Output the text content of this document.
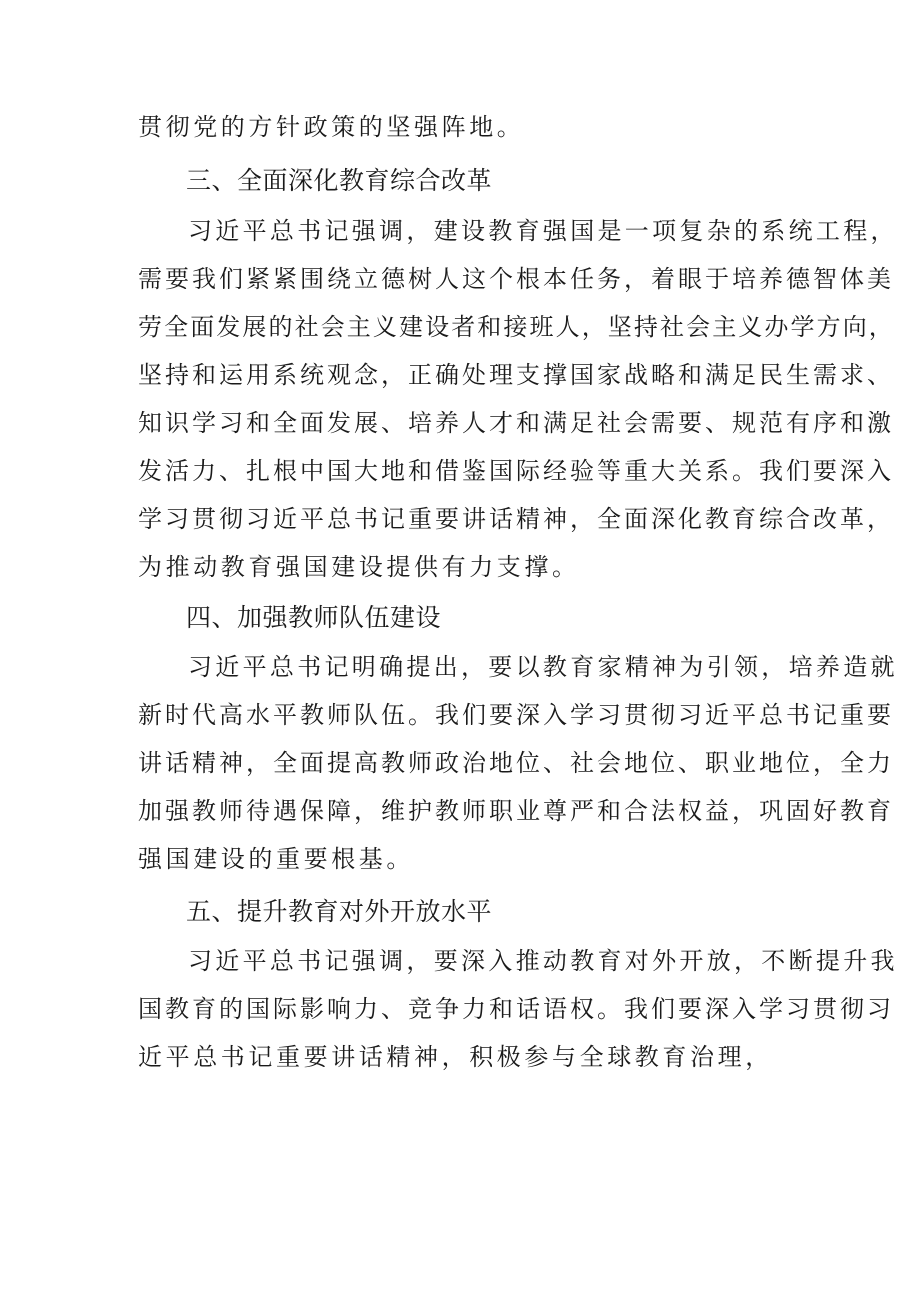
贯彻党的方针政策的坚强阵地。
三、全面深化教育综合改革
习近平总书记强调，建设教育强国是一项复杂的系统工程，
需要我们紧紧围绕立德树人这个根本任务，着眼于培养德智体美
劳全面发展的社会主义建设者和接班人，坚持社会主义办学方向，
坚持和运用系统观念，正确处理支撑国家战略和满足民生需求、
知识学习和全面发展、培养人才和满足社会需要、规范有序和激
发活力、扎根中国大地和借鉴国际经验等重大关系。我们要深入
学习贯彻习近平总书记重要讲话精神，全面深化教育综合改革，
为推动教育强国建设提供有力支撑。
四、加强教师队伍建设
习近平总书记明确提出，要以教育家精神为引领，培养造就
新时代高水平教师队伍。我们要深入学习贯彻习近平总书记重要
讲话精神，全面提高教师政治地位、社会地位、职业地位，全力
加强教师待遇保障，维护教师职业尊严和合法权益，巩固好教育
强国建设的重要根基。
五、提升教育对外开放水平
习近平总书记强调，要深入推动教育对外开放，不断提升我
国教育的国际影响力、竞争力和话语权。我们要深入学习贯彻习
近平总书记重要讲话精神，积极参与全球教育治理，
